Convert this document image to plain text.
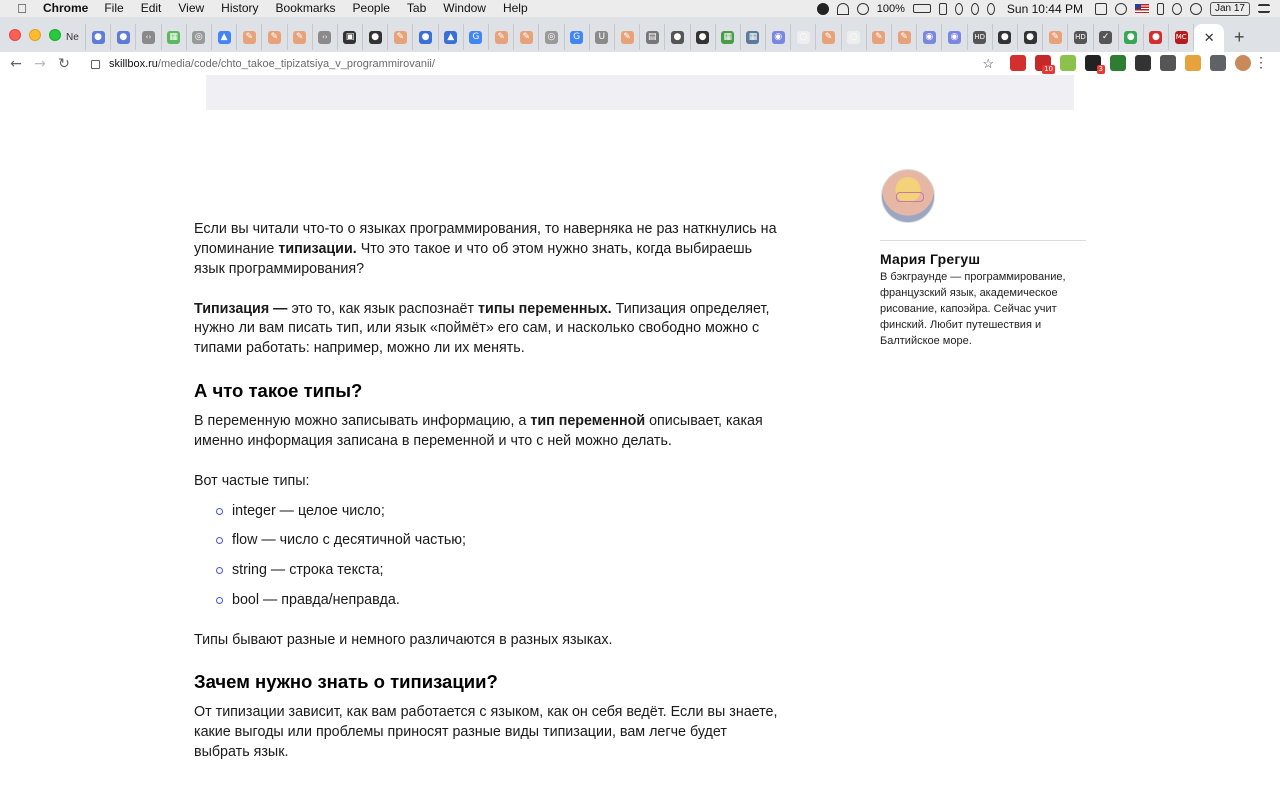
Chrome File Edit View History Bookmarks People Tab Window Help	100%	Sun 10:44 PM	Jan 17
Ne ● ●	‹›	▦ ◎	▲	✎	✎	✎	‹›	▣ ●	✎	●	▲	G	✎	✎	◎	G	U	✎	▤ ● ● ▦ ▦ ◉ ○	✎	○	✎	✎	◉ ◉	HD ● ●	✎	HD	✓	● ●	MC ✕	+
← → ↻	skillbox.ru /media/code/chto_takoe_tipizatsiya_v_programmirovanii/	☆	10	3	⋮

Если вы читали что-то о языках программирования, то наверняка не раз наткнулись на упоминание типизации. Что это такое и что об этом нужно знать, когда выбираешь язык программирования?

Типизация — это то, как язык распознаёт типы переменных. Типизация определяет, нужно ли вам писать тип, или язык «поймёт» его сам, и насколько свободно можно с типами работать: например, можно ли их менять.

А что такое типы?

В переменную можно записывать информацию, а тип переменной описывает, какая именно информация записана в переменной и что с ней можно делать.

Вот частые типы:

integer — целое число;
flow — число с десятичной частью;
string — строка текста;
bool — правда/неправда.

Типы бывают разные и немного различаются в разных языках.

Зачем нужно знать о типизации?

От типизации зависит, как вам работается с языком, как он себя ведёт. Если вы знаете, какие выгоды или проблемы приносят разные виды типизации, вам легче будет выбрать язык.

Мария Грегуш
В бэкграунде — программирование, французский язык, академическое рисование, капоэйра. Сейчас учит финский. Любит путешествия и Балтийское море.
